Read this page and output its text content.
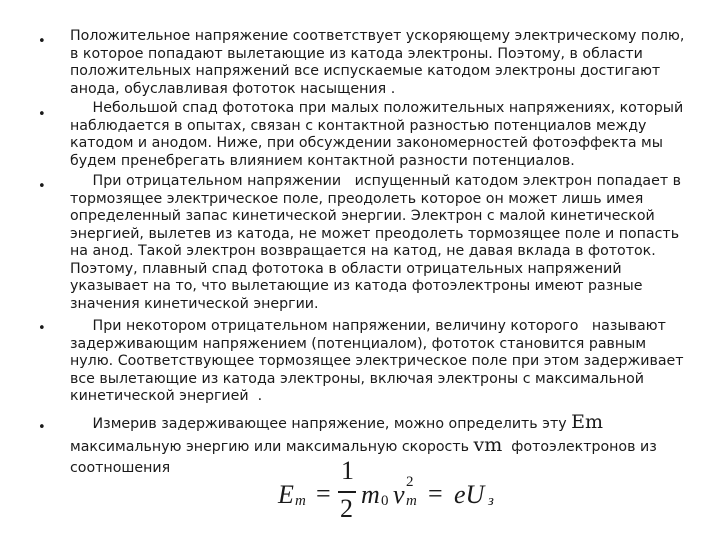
•
•
•
•
•
Положительное напряжение соответствует ускоряющему электрическому полю,
в которое попадают вылетающие из катода электроны. Поэтому, в области
положительных напряжений все испускаемые катодом электроны достигают
анода, обуславливая фототок насыщения .
Небольшой спад фототока при малых положительных напряжениях, который
наблюдается в опытах, связан с контактной разностью потенциалов между
катодом и анодом. Ниже, при обсуждении закономерностей фотоэффекта мы
будем пренебрегать влиянием контактной разности потенциалов.
При отрицательном напряжении   испущенный катодом электрон попадает в
тормозящее электрическое поле, преодолеть которое он может лишь имея
определенный запас кинетической энергии. Электрон с малой кинетической
энергией, вылетев из катода, не может преодолеть тормозящее поле и попасть
на анод. Такой электрон возвращается на катод, не давая вклада в фототок.
Поэтому, плавный спад фототока в области отрицательных напряжений
указывает на то, что вылетающие из катода фотоэлектроны имеют разные
значения кинетической энергии.
При некотором отрицательном напряжении, величину которого   называют
задерживающим напряжением (потенциалом), фототок становится равным
нулю. Соответствующее тормозящее электрическое поле при этом задерживает
все вылетающие из катода электроны, включая электроны с максимальной
кинетической энергией  .
Измерив задерживающее напряжение, можно определить эту Em
максимальную энергию или максимальную скорость vm  фотоэлектронов из
соотношения
E m =
1
2 m 0 v 2
m = eU з
